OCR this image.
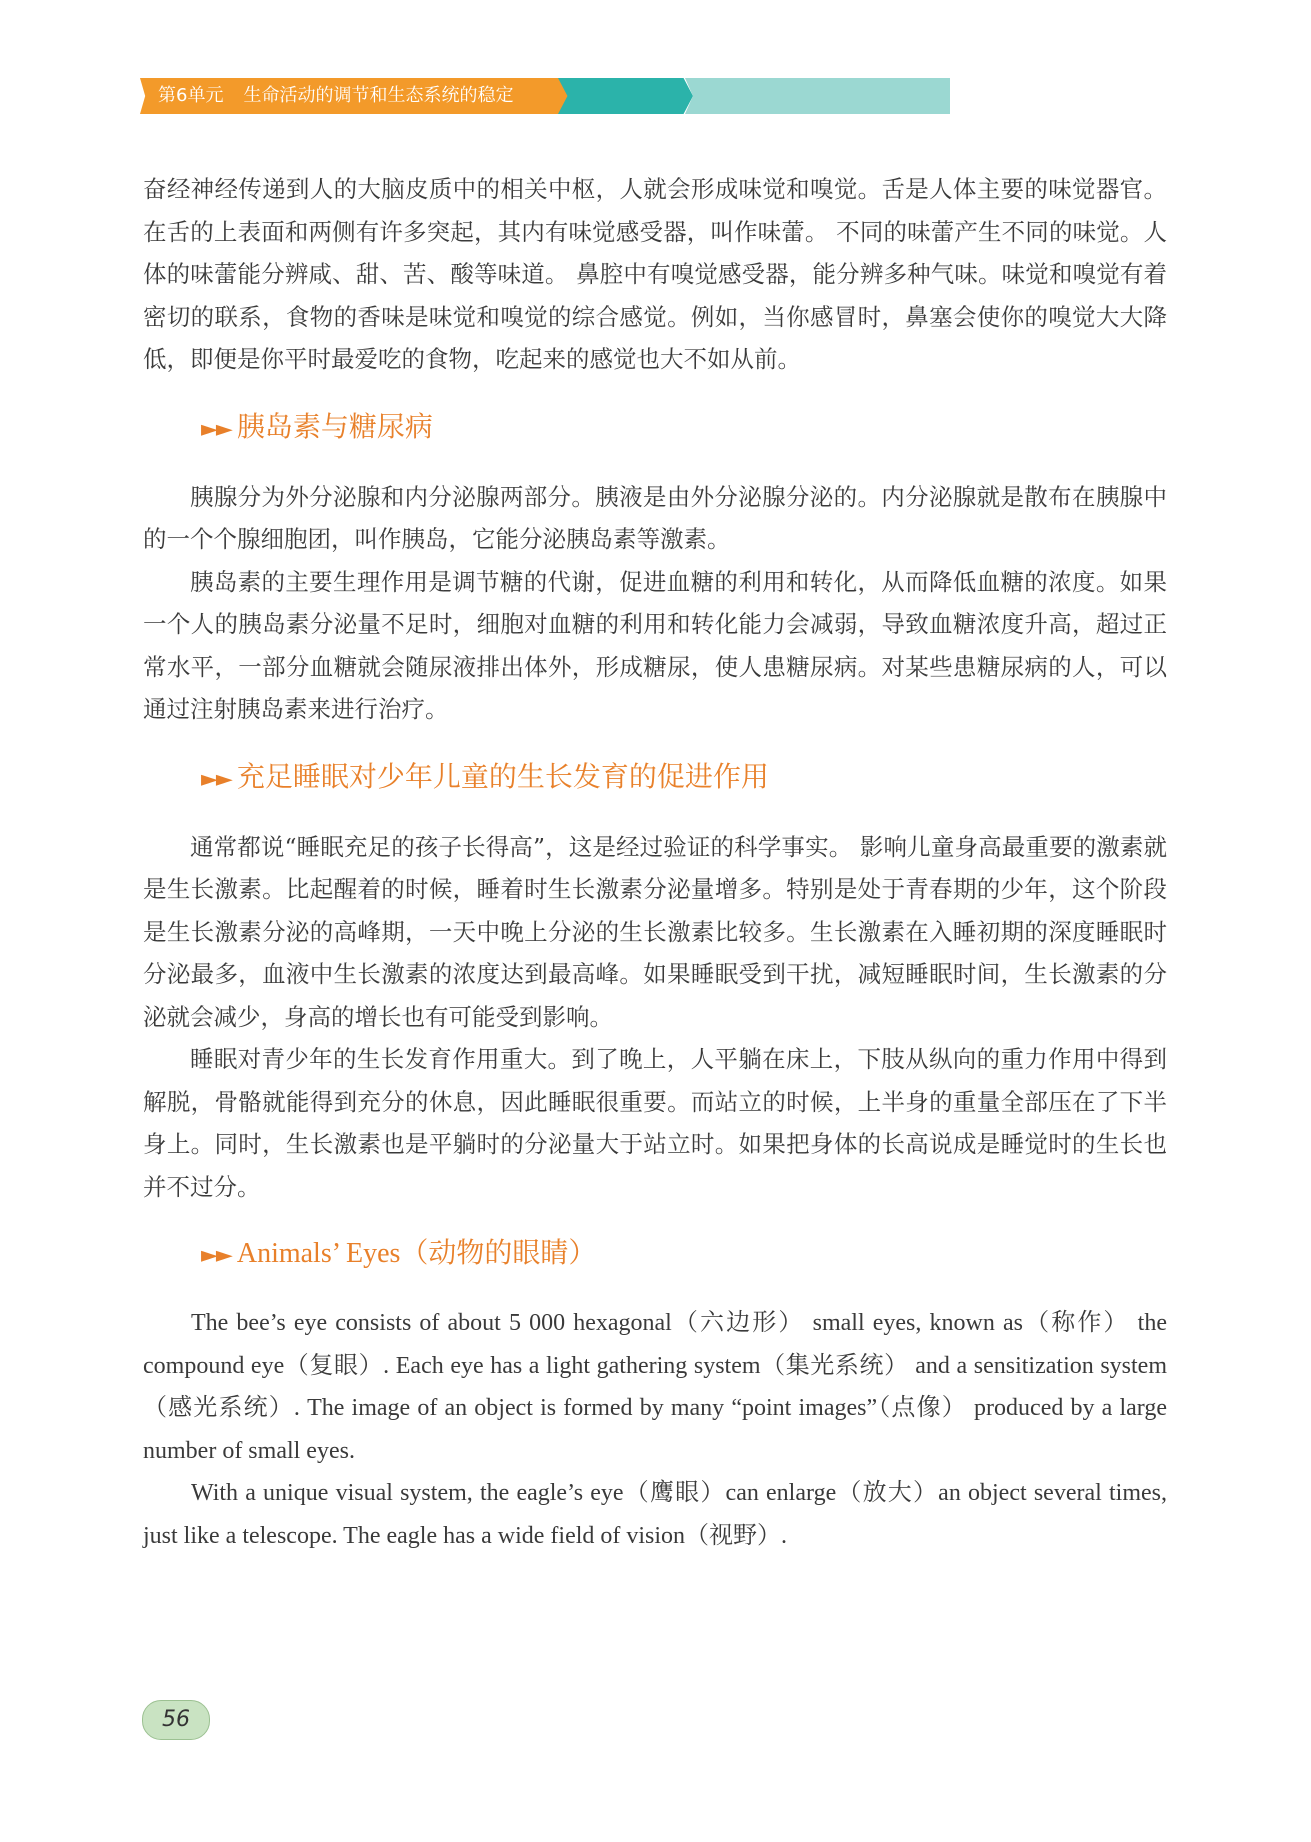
第6单元 生命活动的调节和生态系统的稳定

奋经神经传递到人的大脑皮质中的相关中枢，人就会形成味觉和嗅觉。舌是人体主要的味觉器官。在舌的上表面和两侧有许多突起，其内有味觉感受器，叫作味蕾。 不同的味蕾产生不同的味觉。人体的味蕾能分辨咸、甜、苦、酸等味道。 鼻腔中有嗅觉感受器，能分辨多种气味。味觉和嗅觉有着密切的联系，食物的香味是味觉和嗅觉的综合感觉。例如，当你感冒时，鼻塞会使你的嗅觉大大降低，即便是你平时最爱吃的食物，吃起来的感觉也大不如从前。

►► 胰岛素与糖尿病

胰腺分为外分泌腺和内分泌腺两部分。胰液是由外分泌腺分泌的。内分泌腺就是散布在胰腺中的一个个腺细胞团，叫作胰岛，它能分泌胰岛素等激素。

胰岛素的主要生理作用是调节糖的代谢，促进血糖的利用和转化，从而降低血糖的浓度。如果一个人的胰岛素分泌量不足时，细胞对血糖的利用和转化能力会减弱，导致血糖浓度升高，超过正常水平，一部分血糖就会随尿液排出体外，形成糖尿，使人患糖尿病。对某些患糖尿病的人，可以通过注射胰岛素来进行治疗。

►► 充足睡眠对少年儿童的生长发育的促进作用

通常都说“睡眠充足的孩子长得高”，这是经过验证的科学事实。 影响儿童身高最重要的激素就是生长激素。比起醒着的时候，睡着时生长激素分泌量增多。特别是处于青春期的少年，这个阶段是生长激素分泌的高峰期，一天中晚上分泌的生长激素比较多。生长激素在入睡初期的深度睡眠时分泌最多，血液中生长激素的浓度达到最高峰。如果睡眠受到干扰，减短睡眠时间，生长激素的分泌就会减少，身高的增长也有可能受到影响。

睡眠对青少年的生长发育作用重大。到了晚上，人平躺在床上，下肢从纵向的重力作用中得到解脱，骨骼就能得到充分的休息，因此睡眠很重要。而站立的时候，上半身的重量全部压在了下半身上。同时，生长激素也是平躺时的分泌量大于站立时。如果把身体的长高说成是睡觉时的生长也并不过分。

►► Animals’ Eyes（动物的眼睛）

The bee’s eye consists of about 5 000 hexagonal（六边形） small eyes, known as（称作） the compound eye（复眼）. Each eye has a light gathering system（集光系统） and a sensitization system（感光系统）. The image of an object is formed by many “point images”（点像） produced by a large number of small eyes.

With a unique visual system, the eagle’s eye（鹰眼）can enlarge（放大）an object several times, just like a telescope. The eagle has a wide field of vision（视野）.

56
